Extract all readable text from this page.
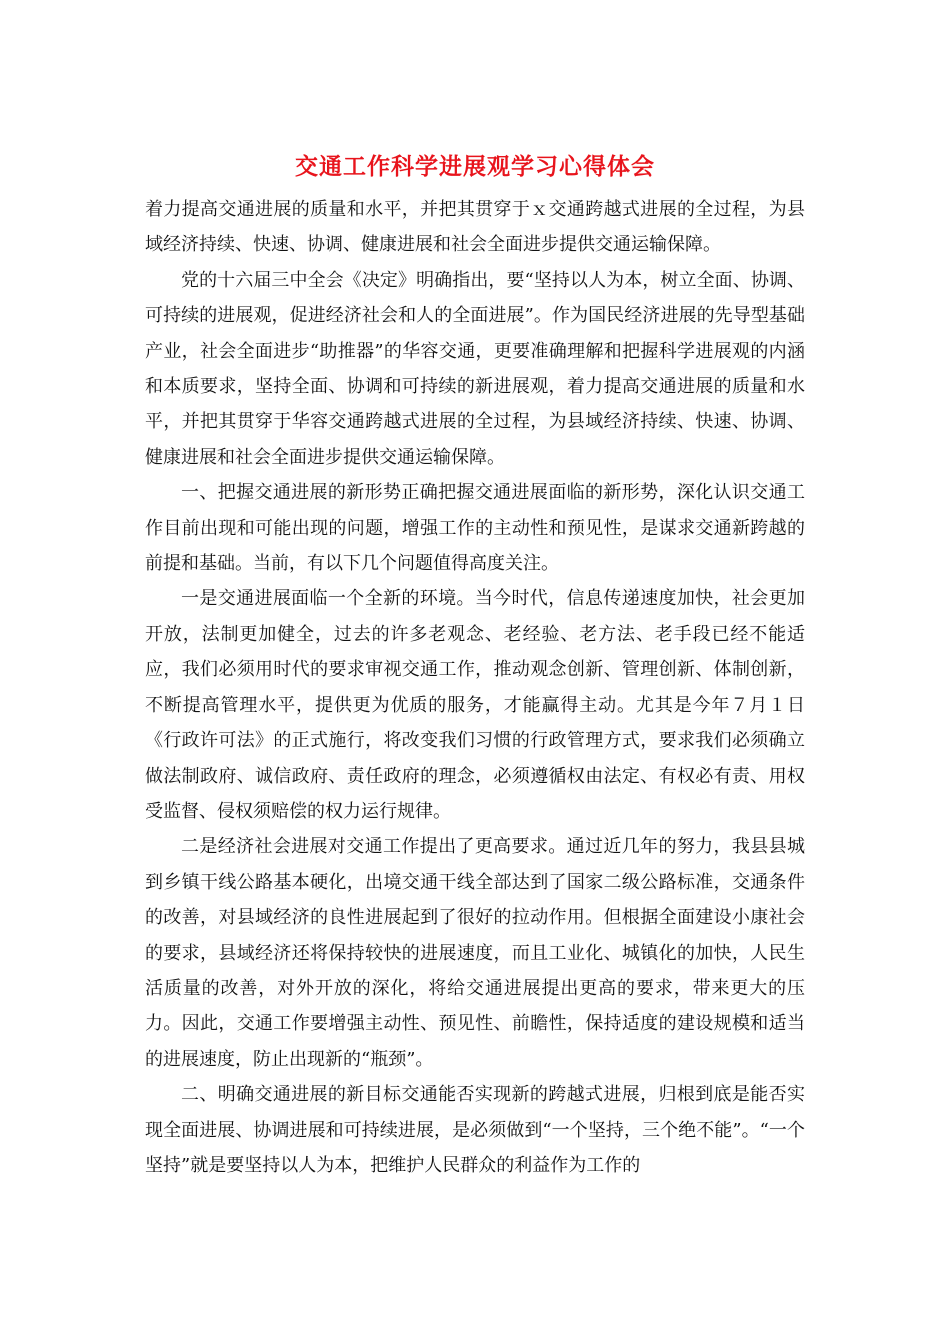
交通工作科学进展观学习心得体会

着力提高交通进展的质量和水平，并把其贯穿于ｘ交通跨越式进展的全过程，为县域经济持续、快速、协调、健康进展和社会全面进步提供交通运输保障。

党的十六届三中全会《决定》明确指出，要“坚持以人为本，树立全面、协调、可持续的进展观，促进经济社会和人的全面进展”。作为国民经济进展的先导型基础产业，社会全面进步“助推器”的华容交通，更要准确理解和把握科学进展观的内涵和本质要求，坚持全面、协调和可持续的新进展观，着力提高交通进展的质量和水平，并把其贯穿于华容交通跨越式进展的全过程，为县域经济持续、快速、协调、健康进展和社会全面进步提供交通运输保障。

一、把握交通进展的新形势正确把握交通进展面临的新形势，深化认识交通工作目前出现和可能出现的问题，增强工作的主动性和预见性，是谋求交通新跨越的前提和基础。当前，有以下几个问题值得高度关注。

一是交通进展面临一个全新的环境。当今时代，信息传递速度加快，社会更加开放，法制更加健全，过去的许多老观念、老经验、老方法、老手段已经不能适应，我们必须用时代的要求审视交通工作，推动观念创新、管理创新、体制创新，不断提高管理水平，提供更为优质的服务，才能赢得主动。尤其是今年７月１日《行政许可法》的正式施行，将改变我们习惯的行政管理方式，要求我们必须确立做法制政府、诚信政府、责任政府的理念，必须遵循权由法定、有权必有责、用权受监督、侵权须赔偿的权力运行规律。

二是经济社会进展对交通工作提出了更高要求。通过近几年的努力，我县县城到乡镇干线公路基本硬化，出境交通干线全部达到了国家二级公路标准，交通条件的改善，对县域经济的良性进展起到了很好的拉动作用。但根据全面建设小康社会的要求，县域经济还将保持较快的进展速度，而且工业化、城镇化的加快，人民生活质量的改善，对外开放的深化，将给交通进展提出更高的要求，带来更大的压力。因此，交通工作要增强主动性、预见性、前瞻性，保持适度的建设规模和适当的进展速度，防止出现新的“瓶颈”。

二、明确交通进展的新目标交通能否实现新的跨越式进展，归根到底是能否实现全面进展、协调进展和可持续进展，是必须做到“一个坚持，三个绝不能”。“一个坚持”就是要坚持以人为本，把维护人民群众的利益作为工作的
